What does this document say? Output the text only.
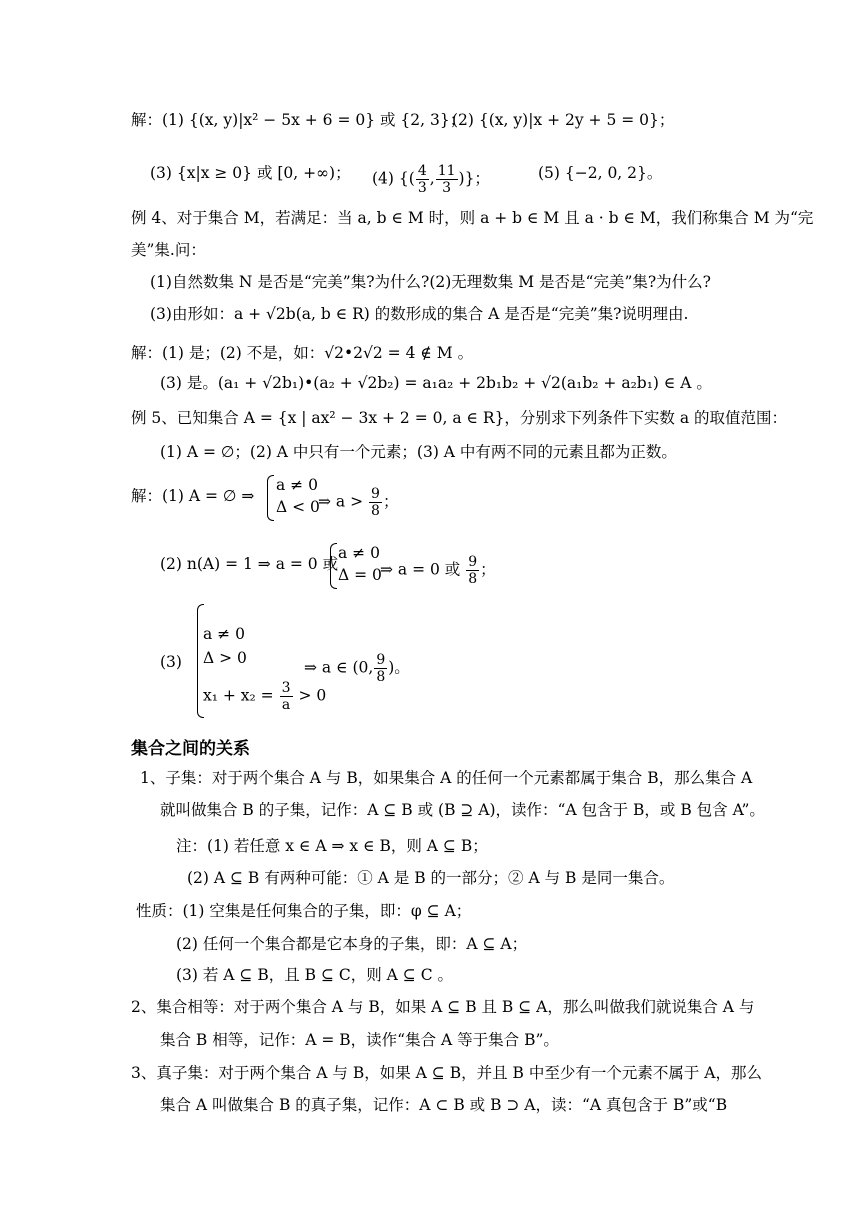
解：(1) {(x, y)|x² − 5x + 6 = 0} 或 {2, 3}；
(2) {(x, y)|x + 2y + 5 = 0}；
(3) {x|x ≥ 0} 或 [0, +∞)； (4) {( $\frac{4}{3}$ , $\frac{11}{3}$ )}；	(5) {−2, 0, 2}。
例 4、对于集合 M，若满足：当 a, b ∈ M 时，则 a + b ∈ M 且 a · b ∈ M，我们称集合 M 为“完
美”集.问：
(1)自然数集 N 是否是“完美”集?为什么?(2)无理数集 M 是否是“完美”集?为什么?
(3)由形如：a + √2b(a, b ∈ R) 的数形成的集合 A 是否是“完美”集?说明理由.
解：(1) 是；(2) 不是，如：√2•2√2 = 4 ∉ M 。
(3) 是。(a₁ + √2b₁)•(a₂ + √2b₂) = a₁a₂ + 2b₁b₂ + √2(a₁b₂ + a₂b₁) ∈ A 。
例 5、已知集合 A = {x | ax² − 3x + 2 = 0, a ∈ R}，分别求下列条件下实数 a 的取值范围：
(1) A = ∅；(2) A 中只有一个元素；(3) A 中有两不同的元素且都为正数。
解：(1) A = ∅ ⇒
a ≠ 0
Δ < 0
⇒ $a > \frac{9}{8}$ ；
(2) n(A) = 1 ⇒ a = 0 或
a ≠ 0
Δ = 0
⇒ a = 0 或 $\frac{9}{8}$ ；
(3)
a ≠ 0
Δ > 0
$x_1 + x_2 = \frac{3}{a} > 0$
⇒ a ∈ (0, $\frac{9}{8}$ )。
集合之间的关系
1、子集：对于两个集合 A 与 B，如果集合 A 的任何一个元素都属于集合 B，那么集合 A
就叫做集合 B 的子集，记作：A ⊆ B 或 (B ⊇ A)，读作：“A 包含于 B，或 B 包含 A”。
注：(1) 若任意 x ∈ A ⇒ x ∈ B，则 A ⊆ B；
(2) A ⊆ B 有两种可能：① A 是 B 的一部分；② A 与 B 是同一集合。
性质：(1) 空集是任何集合的子集，即：φ ⊆ A；
(2) 任何一个集合都是它本身的子集，即：A ⊆ A；
(3) 若 A ⊆ B，且 B ⊆ C，则 A ⊆ C 。
2、集合相等：对于两个集合 A 与 B，如果 A ⊆ B 且 B ⊆ A，那么叫做我们就说集合 A 与
集合 B 相等，记作：A = B，读作“集合 A 等于集合 B”。
3、真子集：对于两个集合 A 与 B，如果 A ⊆ B，并且 B 中至少有一个元素不属于 A，那么
集合 A 叫做集合 B 的真子集，记作：A ⊂ B 或 B ⊃ A，读：“A 真包含于 B”或“B
